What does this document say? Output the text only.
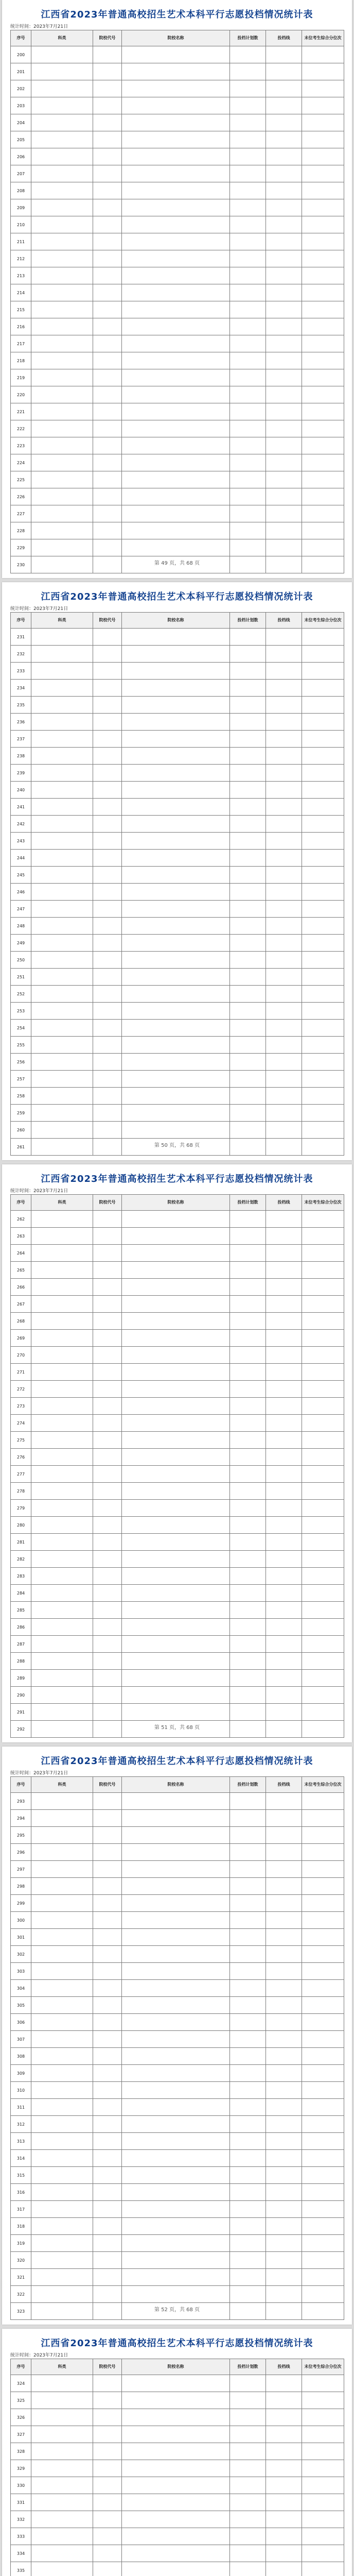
江西省2023年普通高校招生艺术本科平行志愿投档情况统计表
统计时间：2023年7月21日
序号	科类	院校代号	院校名称	投档计划数	投档线	末位考生综合分位次
200						
201						
202						
203						
204						
205						
206						
207						
208						
209						
210						
211						
212						
213						
214						
215						
216						
217						
218						
219						
220						
221						
222						
223						
224						
225						
226						
227						
228						
229						
230							第 49 页，共 68 页
江西省2023年普通高校招生艺术本科平行志愿投档情况统计表
统计时间：2023年7月21日
序号	科类	院校代号	院校名称	投档计划数	投档线	末位考生综合分位次
231						
232						
233						
234						
235						
236						
237						
238						
239						
240						
241						
242						
243						
244						
245						
246						
247						
248						
249						
250						
251						
252						
253						
254						
255						
256						
257						
258						
259						
260						
261							第 50 页，共 68 页
江西省2023年普通高校招生艺术本科平行志愿投档情况统计表
统计时间：2023年7月21日
序号	科类	院校代号	院校名称	投档计划数	投档线	末位考生综合分位次
262						
263						
264						
265						
266						
267						
268						
269						
270						
271						
272						
273						
274						
275						
276						
277						
278						
279						
280						
281						
282						
283						
284						
285						
286						
287						
288						
289						
290						
291						
292							第 51 页，共 68 页
江西省2023年普通高校招生艺术本科平行志愿投档情况统计表
统计时间：2023年7月21日
序号	科类	院校代号	院校名称	投档计划数	投档线	末位考生综合分位次
293						
294						
295						
296						
297						
298						
299						
300						
301						
302						
303						
304						
305						
306						
307						
308						
309						
310						
311						
312						
313						
314						
315						
316						
317						
318						
319						
320						
321						
322						
323							第 52 页，共 68 页
江西省2023年普通高校招生艺术本科平行志愿投档情况统计表
统计时间：2023年7月21日
序号	科类	院校代号	院校名称	投档计划数	投档线	末位考生综合分位次
324						
325						
326						
327						
328						
329						
330						
331						
332						
333						
334						
335						
